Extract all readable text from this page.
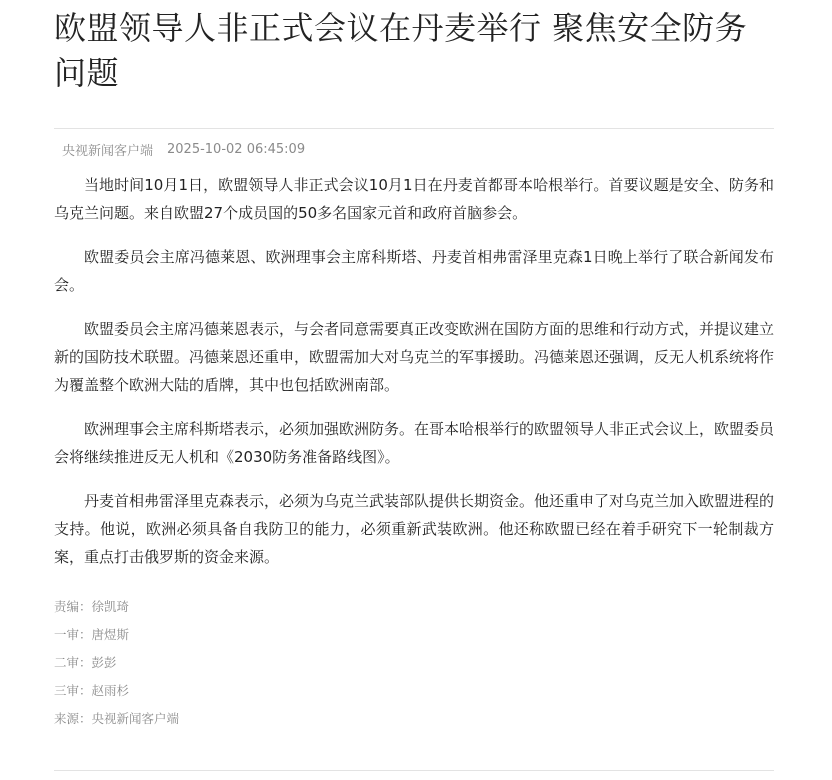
欧盟领导人非正式会议在丹麦举行 聚焦安全防务问题
央视新闻客户端 2025-10-02 06:45:09

当地时间10月1日，欧盟领导人非正式会议10月1日在丹麦首都哥本哈根举行。首要议题是安全、防务和乌克兰问题。来自欧盟27个成员国的50多名国家元首和政府首脑参会。

欧盟委员会主席冯德莱恩、欧洲理事会主席科斯塔、丹麦首相弗雷泽里克森1日晚上举行了联合新闻发布会。

欧盟委员会主席冯德莱恩表示，与会者同意需要真正改变欧洲在国防方面的思维和行动方式，并提议建立新的国防技术联盟。冯德莱恩还重申，欧盟需加大对乌克兰的军事援助。冯德莱恩还强调，反无人机系统将作为覆盖整个欧洲大陆的盾牌，其中也包括欧洲南部。

欧洲理事会主席科斯塔表示，必须加强欧洲防务。在哥本哈根举行的欧盟领导人非正式会议上，欧盟委员会将继续推进反无人机和《2030防务准备路线图》。

丹麦首相弗雷泽里克森表示，必须为乌克兰武装部队提供长期资金。他还重申了对乌克兰加入欧盟进程的支持。他说，欧洲必须具备自我防卫的能力，必须重新武装欧洲。他还称欧盟已经在着手研究下一轮制裁方案，重点打击俄罗斯的资金来源。

责编：徐凯琦
一审：唐煜斯
二审：彭彭
三审：赵雨杉
来源：央视新闻客户端
